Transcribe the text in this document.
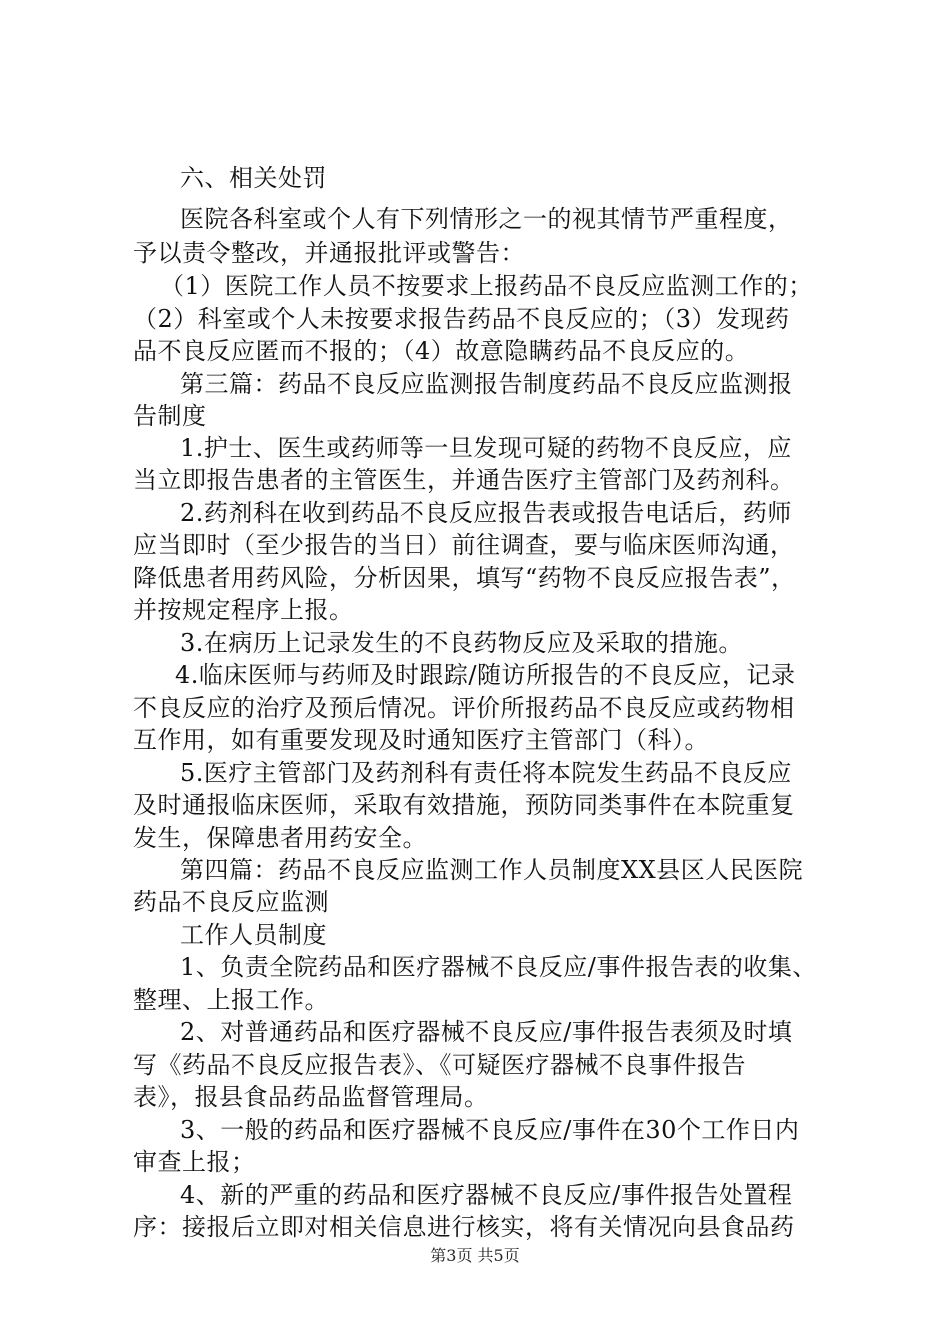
六、相关处罚
医院各科室或个人有下列情形之一的视其情节严重程度，
予以责令整改，并通报批评或警告：
（1）医院工作人员不按要求上报药品不良反应监测工作的；
（2）科室或个人未按要求报告药品不良反应的；（3）发现药
品不良反应匿而不报的；（4）故意隐瞒药品不良反应的。
第三篇：药品不良反应监测报告制度药品不良反应监测报
告制度
1.护士、医生或药师等一旦发现可疑的药物不良反应，应
当立即报告患者的主管医生，并通告医疗主管部门及药剂科。
2.药剂科在收到药品不良反应报告表或报告电话后，药师
应当即时（至少报告的当日）前往调查，要与临床医师沟通，
降低患者用药风险，分析因果，填写“药物不良反应报告表”，
并按规定程序上报。
3.在病历上记录发生的不良药物反应及采取的措施。
4.临床医师与药师及时跟踪/随访所报告的不良反应，记录
不良反应的治疗及预后情况。评价所报药品不良反应或药物相
互作用，如有重要发现及时通知医疗主管部门（科）。
5.医疗主管部门及药剂科有责任将本院发生药品不良反应
及时通报临床医师，采取有效措施，预防同类事件在本院重复
发生，保障患者用药安全。
第四篇：药品不良反应监测工作人员制度XX县区人民医院
药品不良反应监测
工作人员制度
1、负责全院药品和医疗器械不良反应/事件报告表的收集、
整理、上报工作。
2、对普通药品和医疗器械不良反应/事件报告表须及时填
写《药品不良反应报告表》、《可疑医疗器械不良事件报告
表》，报县食品药品监督管理局。
3、一般的药品和医疗器械不良反应/事件在30个工作日内
审查上报；
4、新的严重的药品和医疗器械不良反应/事件报告处置程
序：接报后立即对相关信息进行核实，将有关情况向县食品药
第3页 共5页
